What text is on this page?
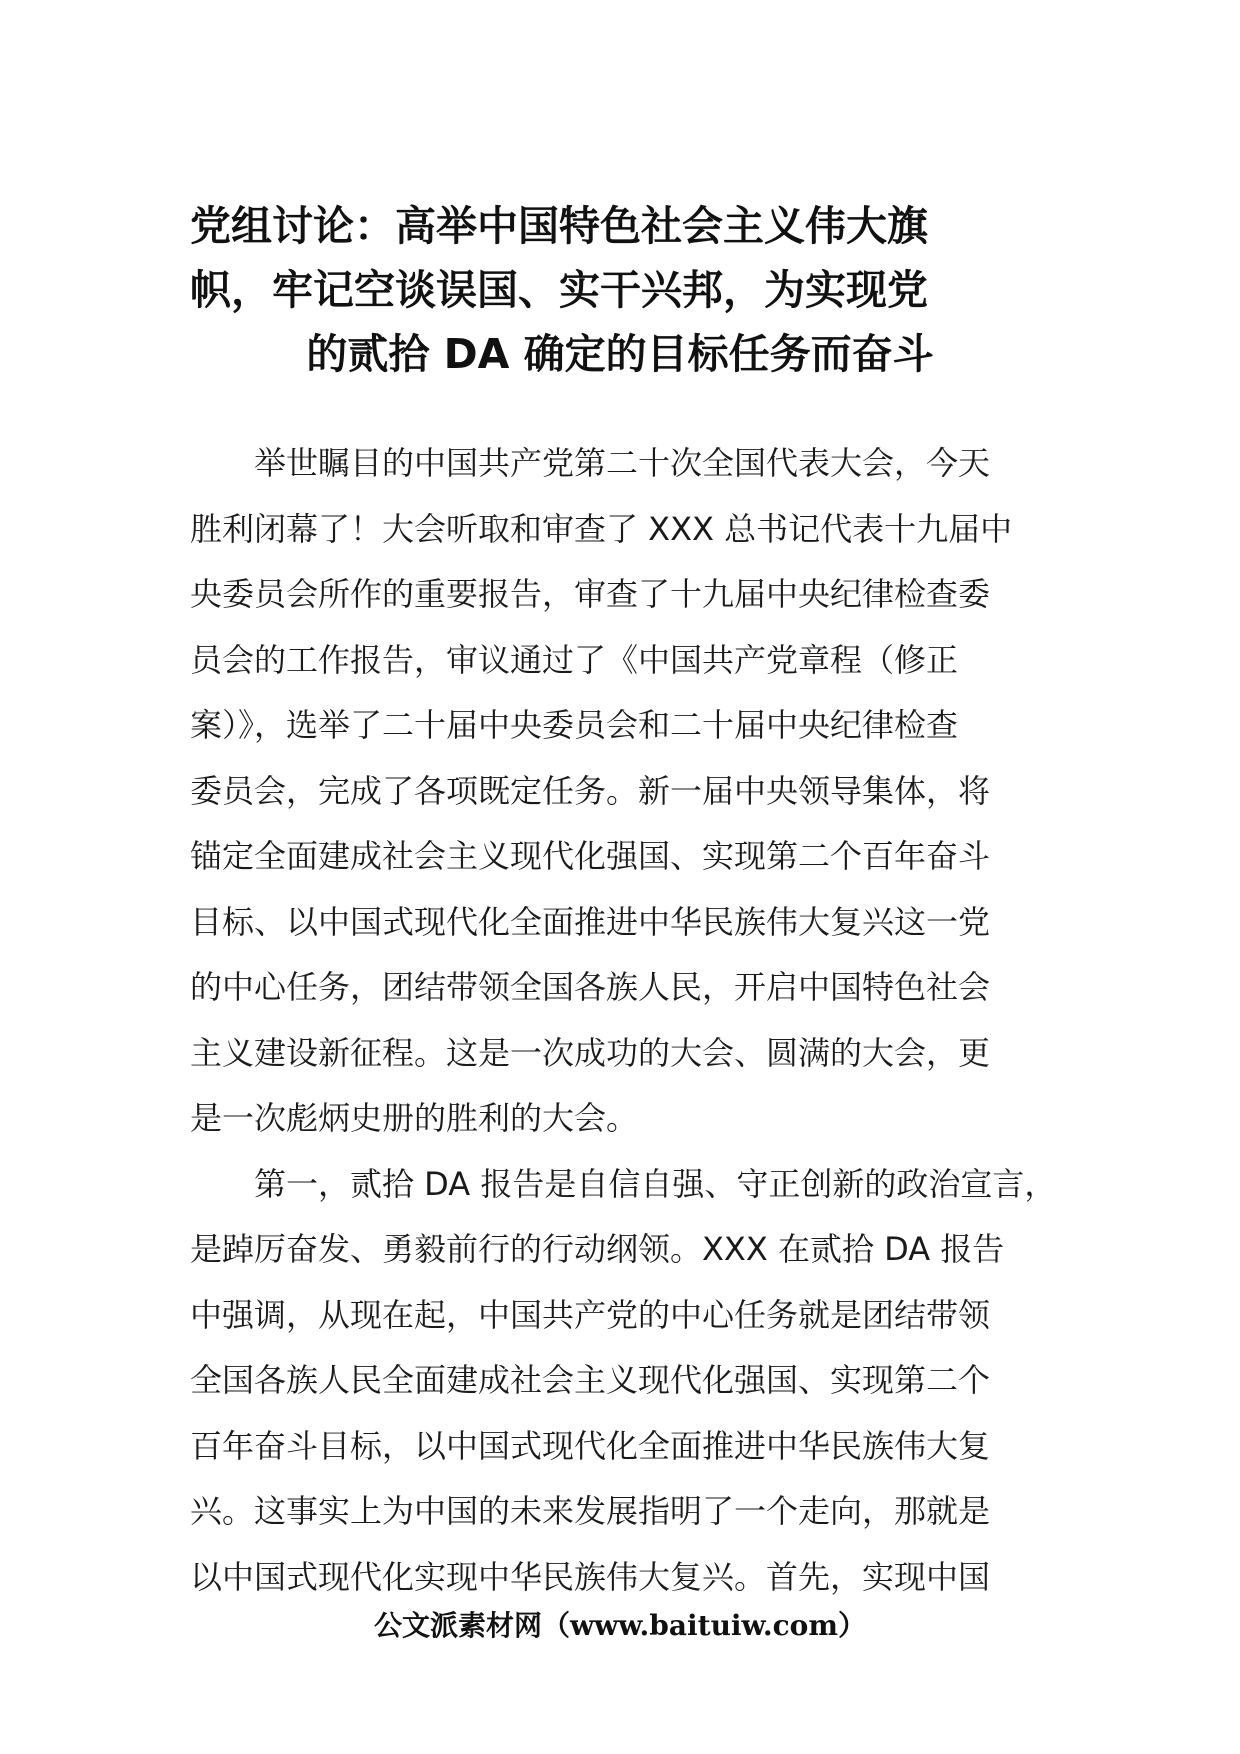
党组讨论：高举中国特色社会主义伟大旗
帜，牢记空谈误国、实干兴邦，为实现党
的贰拾 DA 确定的目标任务而奋斗
　　举世瞩目的中国共产党第二十次全国代表大会，今天
胜利闭幕了！大会听取和审查了 XXX 总书记代表十九届中
央委员会所作的重要报告，审查了十九届中央纪律检查委
员会的工作报告，审议通过了《中国共产党章程（修正
案）》，选举了二十届中央委员会和二十届中央纪律检查
委员会，完成了各项既定任务。新一届中央领导集体，将
锚定全面建成社会主义现代化强国、实现第二个百年奋斗
目标、以中国式现代化全面推进中华民族伟大复兴这一党
的中心任务，团结带领全国各族人民，开启中国特色社会
主义建设新征程。这是一次成功的大会、圆满的大会，更
是一次彪炳史册的胜利的大会。
　　第一，贰拾 DA 报告是自信自强、守正创新的政治宣言，
是踔厉奋发、勇毅前行的行动纲领。XXX 在贰拾 DA 报告
中强调，从现在起，中国共产党的中心任务就是团结带领
全国各族人民全面建成社会主义现代化强国、实现第二个
百年奋斗目标，以中国式现代化全面推进中华民族伟大复
兴。这事实上为中国的未来发展指明了一个走向，那就是
以中国式现代化实现中华民族伟大复兴。首先，实现中国
公文派素材网（www.baituiw.com）
